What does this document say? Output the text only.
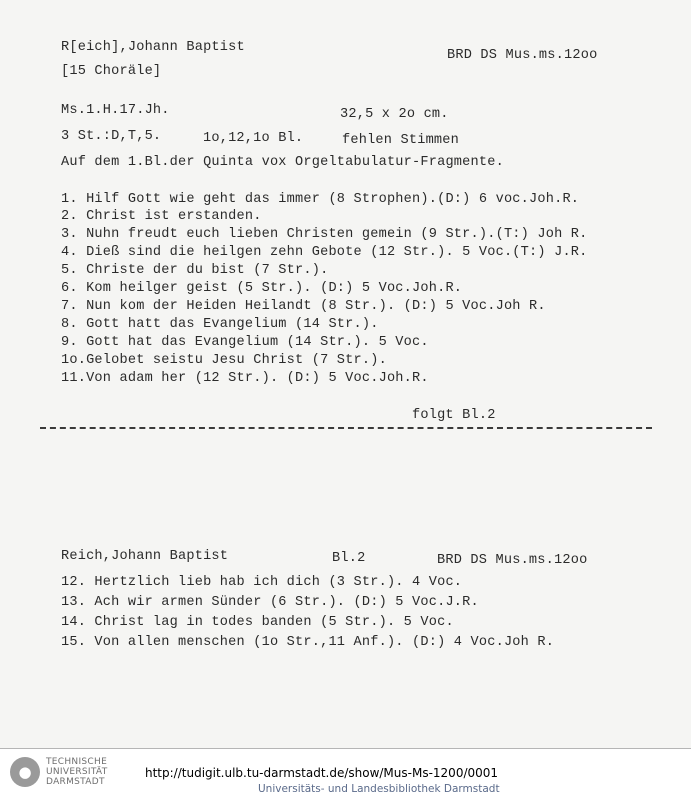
R[eich],Johann Baptist
BRD DS Mus.ms.12oo
[15 Choräle]
Ms.1.H.17.Jh.	32,5 x 2o cm.
3 St.:D,T,5.	1o,12,1o Bl.	fehlen Stimmen
Auf dem 1.Bl.der Quinta vox Orgeltabulatur-Fragmente.
1. Hilf Gott wie geht das immer (8 Strophen).(D:) 6 voc.Joh.R.
2. Christ ist erstanden.
3. Nuhn freudt euch lieben Christen gemein (9 Str.).(T:) Joh R.
4. Dieß sind die heilgen zehn Gebote (12 Str.). 5 Voc.(T:) J.R.
5. Christe der du bist (7 Str.).
6. Kom heilger geist (5 Str.). (D:) 5 Voc.Joh.R.
7. Nun kom der Heiden Heilandt (8 Str.). (D:) 5 Voc.Joh R.
8. Gott hatt das Evangelium (14 Str.).
9. Gott hat das Evangelium (14 Str.). 5 Voc.
1o.Gelobet seistu Jesu Christ (7 Str.).
11.Von adam her (12 Str.). (D:) 5 Voc.Joh.R.
folgt Bl.2
Reich,Johann Baptist	Bl.2	BRD DS Mus.ms.12oo
12. Hertzlich lieb hab ich dich (3 Str.). 4 Voc.
13. Ach wir armen Sünder (6 Str.). (D:) 5 Voc.J.R.
14. Christ lag in todes banden (5 Str.). 5 Voc.
15. Von allen menschen (1o Str.,11 Anf.). (D:) 4 Voc.Joh R.
●
TECHNISCHE
UNIVERSITÄT
DARMSTADT
http://tudigit.ulb.tu-darmstadt.de/show/Mus-Ms-1200/0001
Universitäts- und Landesbibliothek Darmstadt
